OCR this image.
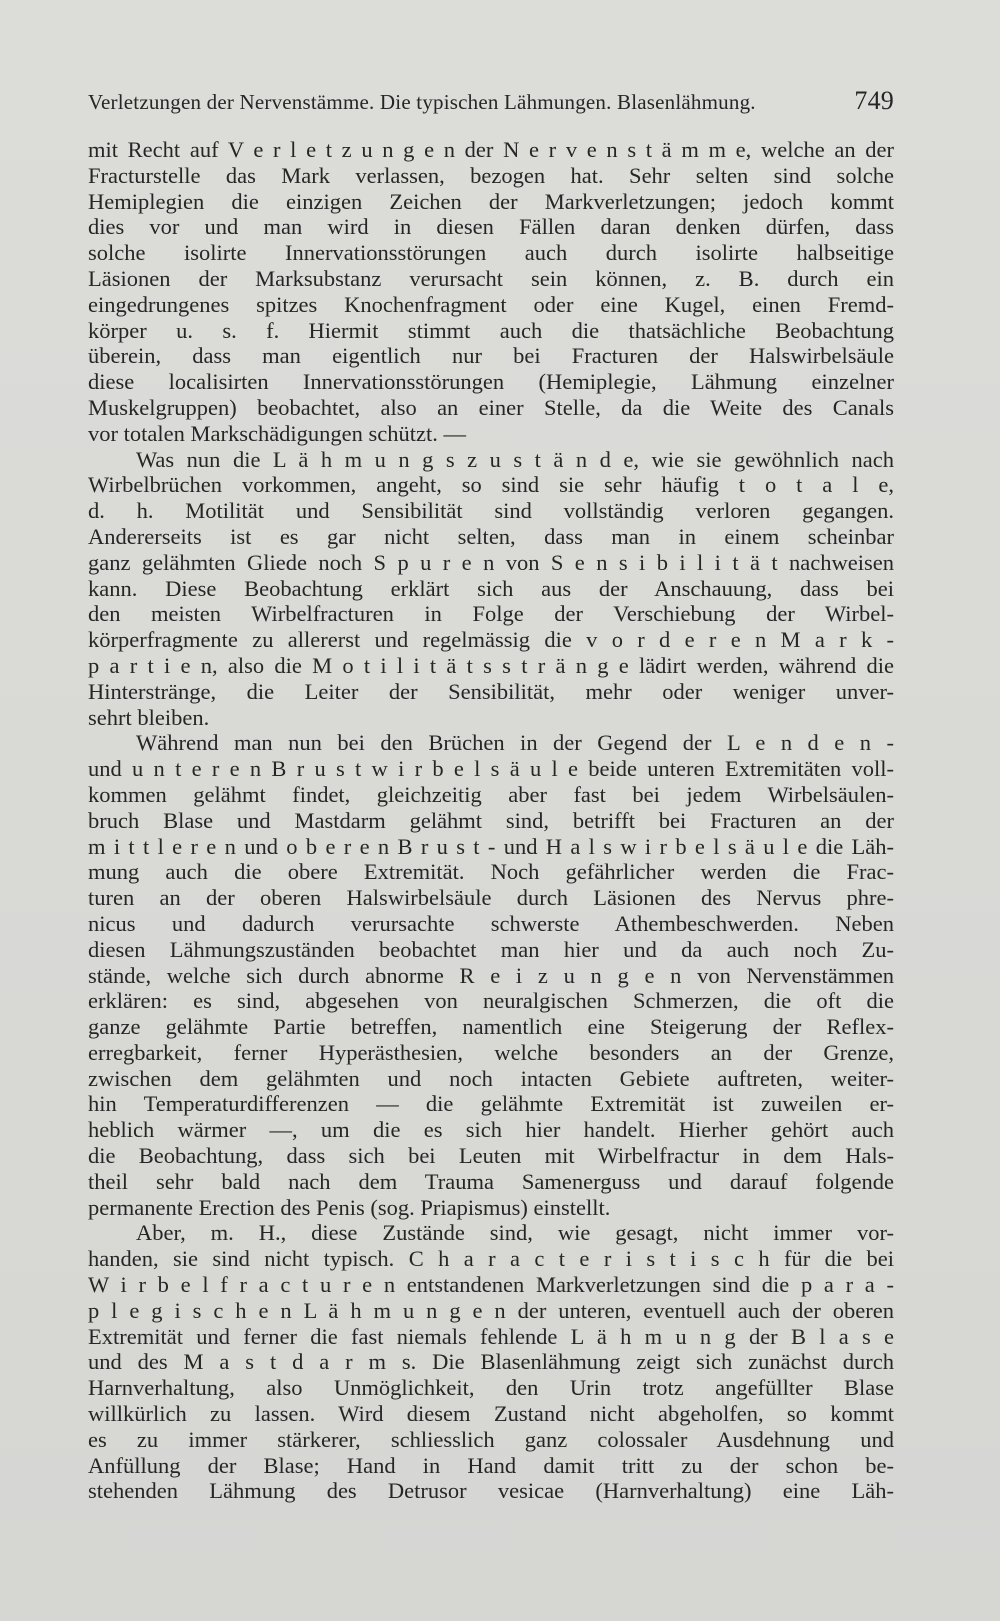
Verletzungen der Nervenstämme. Die typischen Lähmungen. Blasenlähmung.	749
mit Recht auf V e r l e t z u n g e n der N e r v e n s t ä m m e, welche an der
Fracturstelle das Mark verlassen, bezogen hat. Sehr selten sind solche
Hemiplegien die einzigen Zeichen der Markverletzungen; jedoch kommt
dies vor und man wird in diesen Fällen daran denken dürfen, dass
solche isolirte Innervationsstörungen auch durch isolirte halbseitige
Läsionen der Marksubstanz verursacht sein können, z. B. durch ein
eingedrungenes spitzes Knochenfragment oder eine Kugel, einen Fremd-
körper u. s. f. Hiermit stimmt auch die thatsächliche Beobachtung
überein, dass man eigentlich nur bei Fracturen der Halswirbelsäule
diese localisirten Innervationsstörungen (Hemiplegie, Lähmung einzelner
Muskelgruppen) beobachtet, also an einer Stelle, da die Weite des Canals
vor totalen Markschädigungen schützt. —
Was nun die L ä h m u n g s z u s t ä n d e, wie sie gewöhnlich nach
Wirbelbrüchen vorkommen, angeht, so sind sie sehr häufig t o t a l e,
d. h. Motilität und Sensibilität sind vollständig verloren gegangen.
Andererseits ist es gar nicht selten, dass man in einem scheinbar
ganz gelähmten Gliede noch S p u r e n von S e n s i b i l i t ä t nachweisen
kann. Diese Beobachtung erklärt sich aus der Anschauung, dass bei
den meisten Wirbelfracturen in Folge der Verschiebung der Wirbel-
körperfragmente zu allererst und regelmässig die v o r d e r e n M a r k -
p a r t i e n, also die M o t i l i t ä t s s t r ä n g e lädirt werden, während die
Hinterstränge, die Leiter der Sensibilität, mehr oder weniger unver-
sehrt bleiben.
Während man nun bei den Brüchen in der Gegend der L e n d e n -
und u n t e r e n B r u s t w i r b e l s ä u l e beide unteren Extremitäten voll-
kommen gelähmt findet, gleichzeitig aber fast bei jedem Wirbelsäulen-
bruch Blase und Mastdarm gelähmt sind, betrifft bei Fracturen an der
m i t t l e r e n und o b e r e n B r u s t - und H a l s w i r b e l s ä u l e die Läh-
mung auch die obere Extremität. Noch gefährlicher werden die Frac-
turen an der oberen Halswirbelsäule durch Läsionen des Nervus phre-
nicus und dadurch verursachte schwerste Athembeschwerden. Neben
diesen Lähmungszuständen beobachtet man hier und da auch noch Zu-
stände, welche sich durch abnorme R e i z u n g e n von Nervenstämmen
erklären: es sind, abgesehen von neuralgischen Schmerzen, die oft die
ganze gelähmte Partie betreffen, namentlich eine Steigerung der Reflex-
erregbarkeit, ferner Hyperästhesien, welche besonders an der Grenze,
zwischen dem gelähmten und noch intacten Gebiete auftreten, weiter-
hin Temperaturdifferenzen — die gelähmte Extremität ist zuweilen er-
heblich wärmer —, um die es sich hier handelt. Hierher gehört auch
die Beobachtung, dass sich bei Leuten mit Wirbelfractur in dem Hals-
theil sehr bald nach dem Trauma Samenerguss und darauf folgende
permanente Erection des Penis (sog. Priapismus) einstellt.
Aber, m. H., diese Zustände sind, wie gesagt, nicht immer vor-
handen, sie sind nicht typisch. C h a r a c t e r i s t i s c h für die bei
W i r b e l f r a c t u r e n entstandenen Markverletzungen sind die p a r a -
p l e g i s c h e n L ä h m u n g e n der unteren, eventuell auch der oberen
Extremität und ferner die fast niemals fehlende L ä h m u n g der B l a s e
und des M a s t d a r m s. Die Blasenlähmung zeigt sich zunächst durch
Harnverhaltung, also Unmöglichkeit, den Urin trotz angefüllter Blase
willkürlich zu lassen. Wird diesem Zustand nicht abgeholfen, so kommt
es zu immer stärkerer, schliesslich ganz colossaler Ausdehnung und
Anfüllung der Blase; Hand in Hand damit tritt zu der schon be-
stehenden Lähmung des Detrusor vesicae (Harnverhaltung) eine Läh-
